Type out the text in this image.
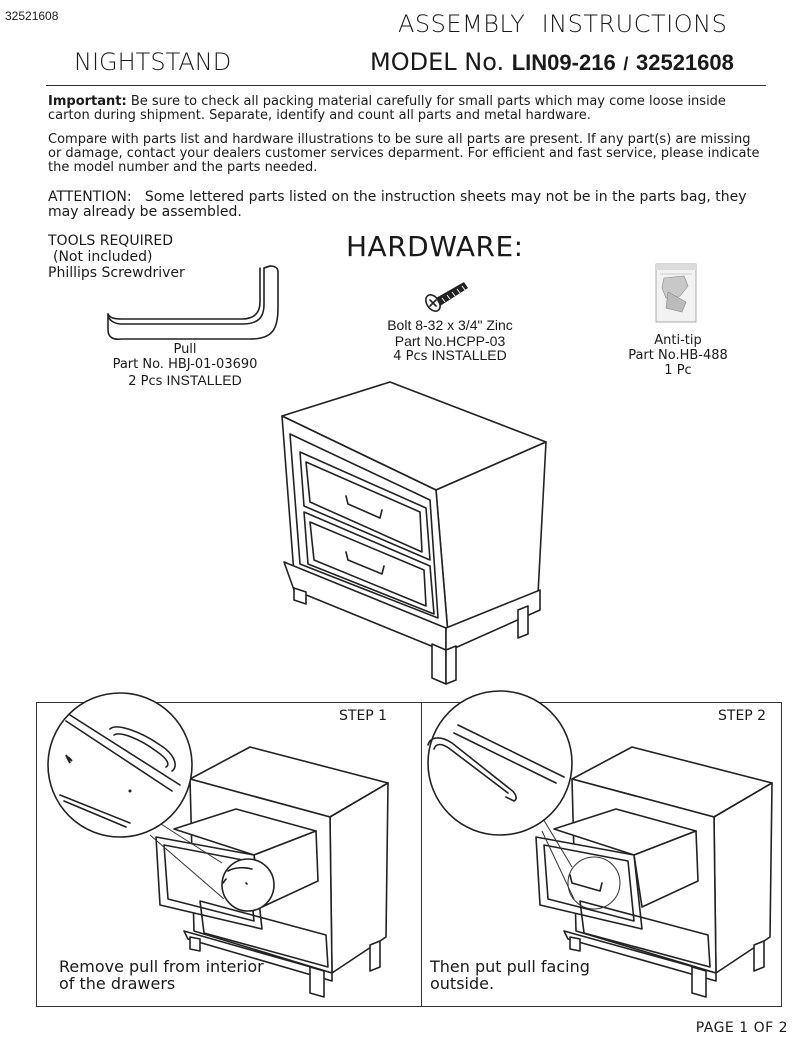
32521608	ASSEMBLY  INSTRUCTIONS
NIGHTSTAND	MODEL No. LIN09-216 / 32521608
Important: Be sure to check all packing material carefully for small parts which may come loose inside carton during shipment. Separate, identify and count all parts and metal hardware.
Compare with parts list and hardware illustrations to be sure all parts are present. If any part(s) are missing or damage, contact your dealers customer services deparment. For efficient and fast service, please indicate the model number and the parts needed.
ATTENTION: Some lettered parts listed on the instruction sheets may not be in the parts bag, they may already be assembled.
TOOLS REQUIRED
(Not included)
Phillips Screwdriver
HARDWARE:
Pull
Part No. HBJ-01-03690
2 Pcs INSTALLED
Bolt 8-32 x 3/4" Zinc
Part No.HCPP-03
4 Pcs INSTALLED
Anti-tip
Part No.HB-488
1 Pc
STEP 1	STEP 2
Remove pull from interior
of the drawers
Then put pull facing
outside.
PAGE 1 OF 2
